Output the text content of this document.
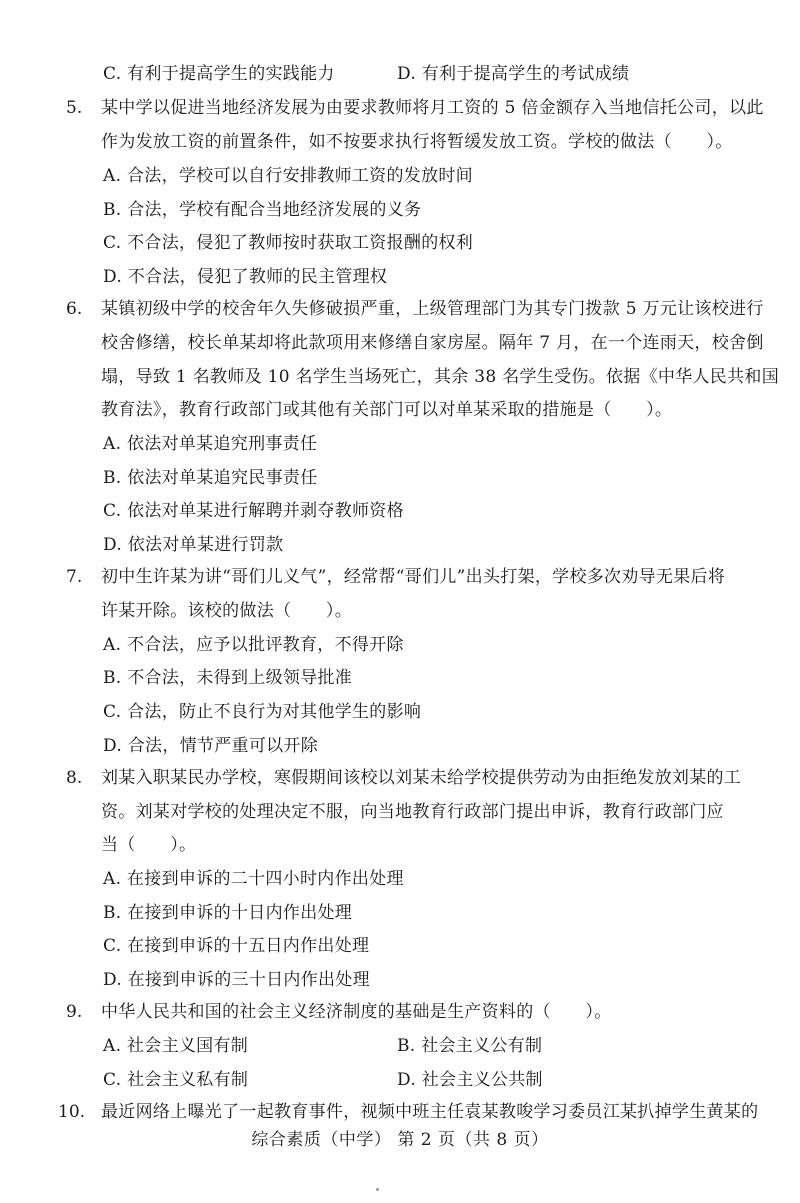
C. 有利于提高学生的实践能力	D. 有利于提高学生的考试成绩
5. 某中学以促进当地经济发展为由要求教师将月工资的 5 倍金额存入当地信托公司，以此
作为发放工资的前置条件，如不按要求执行将暂缓发放工资。学校的做法（　　）。
A. 合法，学校可以自行安排教师工资的发放时间
B. 合法，学校有配合当地经济发展的义务
C. 不合法，侵犯了教师按时获取工资报酬的权利
D. 不合法，侵犯了教师的民主管理权
6. 某镇初级中学的校舍年久失修破损严重，上级管理部门为其专门拨款 5 万元让该校进行
校舍修缮，校长单某却将此款项用来修缮自家房屋。隔年 7 月，在一个连雨天，校舍倒
塌，导致 1 名教师及 10 名学生当场死亡，其余 38 名学生受伤。依据《中华人民共和国
教育法》，教育行政部门或其他有关部门可以对单某采取的措施是（　　）。
A. 依法对单某追究刑事责任
B. 依法对单某追究民事责任
C. 依法对单某进行解聘并剥夺教师资格
D. 依法对单某进行罚款
7. 初中生许某为讲“哥们儿义气”，经常帮“哥们儿”出头打架，学校多次劝导无果后将
许某开除。该校的做法（　　）。
A. 不合法，应予以批评教育，不得开除
B. 不合法，未得到上级领导批准
C. 合法，防止不良行为对其他学生的影响
D. 合法，情节严重可以开除
8. 刘某入职某民办学校，寒假期间该校以刘某未给学校提供劳动为由拒绝发放刘某的工
资。刘某对学校的处理决定不服，向当地教育行政部门提出申诉，教育行政部门应
当（　　）。
A. 在接到申诉的二十四小时内作出处理
B. 在接到申诉的十日内作出处理
C. 在接到申诉的十五日内作出处理
D. 在接到申诉的三十日内作出处理
9. 中华人民共和国的社会主义经济制度的基础是生产资料的（　　）。
A. 社会主义国有制	B. 社会主义公有制
C. 社会主义私有制	D. 社会主义公共制
10. 最近网络上曝光了一起教育事件，视频中班主任袁某教唆学习委员江某扒掉学生黄某的
综合素质（中学） 第 2 页（共 8 页）
